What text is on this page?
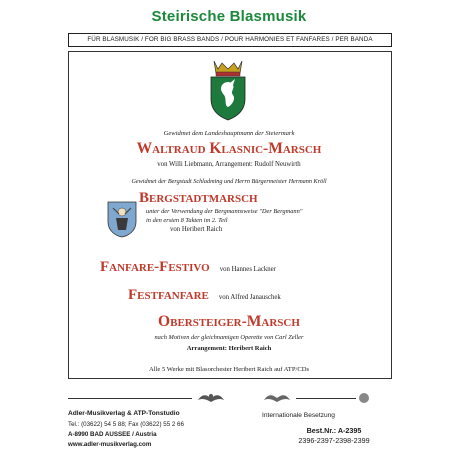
Steirische Blasmusik
FÜR BLASMUSIK / FOR BIG BRASS BANDS / POUR HARMONIES ET FANFARES / PER BANDA
Gewidmet dem Landeshauptmann der Steiermark
Waltraud Klasnic-Marsch
von Willi Liebmann, Arrangement: Rudolf Neuwirth
Gewidmet der Bergstadt Schladming und Herrn Bürgermeister Hermann Kröll
Bergstadtmarsch
unter der Verwendung der Bergmannsweise "Der Bergmann"
in den ersten 8 Takten im 2. Teil
von Heribert Raich
Fanfare-Festivo von Hannes Lackner
Festfanfare von Alfred Janauschek
Obersteiger-Marsch
nach Motiven der gleichnamigen Operette von Carl Zeller
Arrangement: Heribert Raich
Alle 5 Werke mit Blasorchester Heribert Raich auf ATP/CDs
Adler-Musikverlag & ATP-Tonstudio
Tel.: (03622) 54 5 88; Fax (03622) 55 2 66
A-8990 BAD AUSSEE / Austria
www.adler-musikverlag.com
Internationale Besetzung
Best.Nr.: A-2395
2396-2397-2398-2399
